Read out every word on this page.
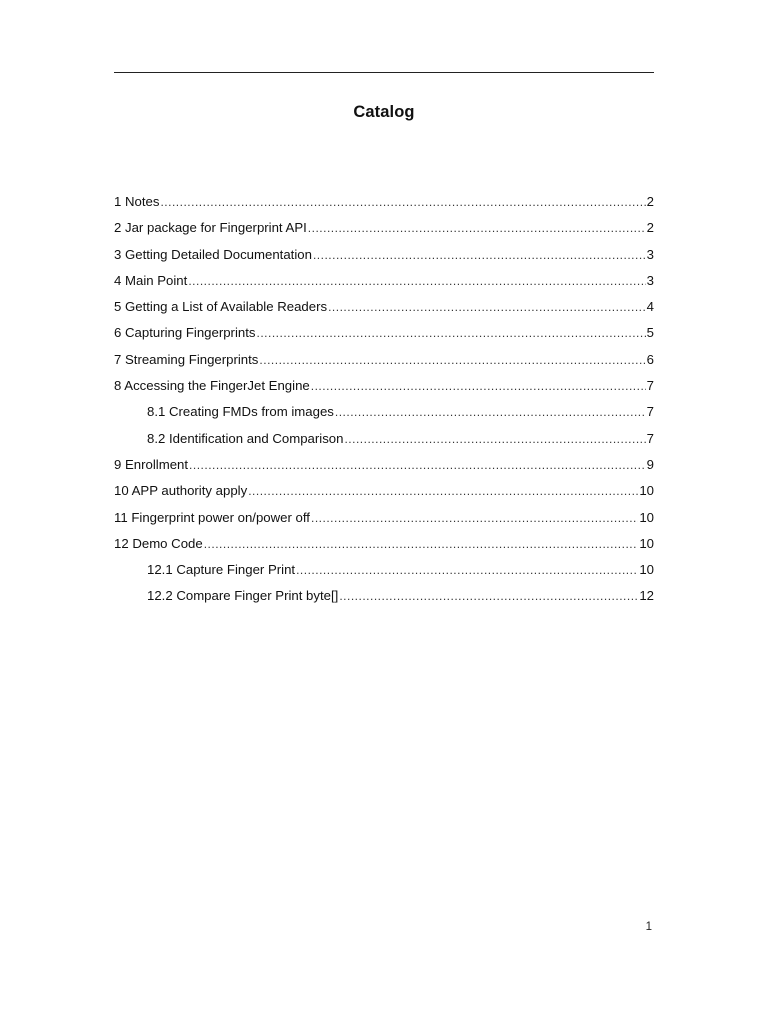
Catalog
1 Notes .....	2
2 Jar package for Fingerprint API .....	2
3 Getting Detailed Documentation .....	3
4 Main Point .....	3
5 Getting a List of Available Readers .....	4
6 Capturing Fingerprints .....	5
7 Streaming Fingerprints .....	6
8 Accessing the FingerJet Engine .....	7
8.1 Creating FMDs from images .....	7
8.2 Identification and Comparison .....	7
9 Enrollment .....	9
10 APP authority apply .....	10
11 Fingerprint power on/power off .....	10
12 Demo Code .....	10
12.1 Capture Finger Print .....	10
12.2 Compare Finger Print byte[] .....	12
1
